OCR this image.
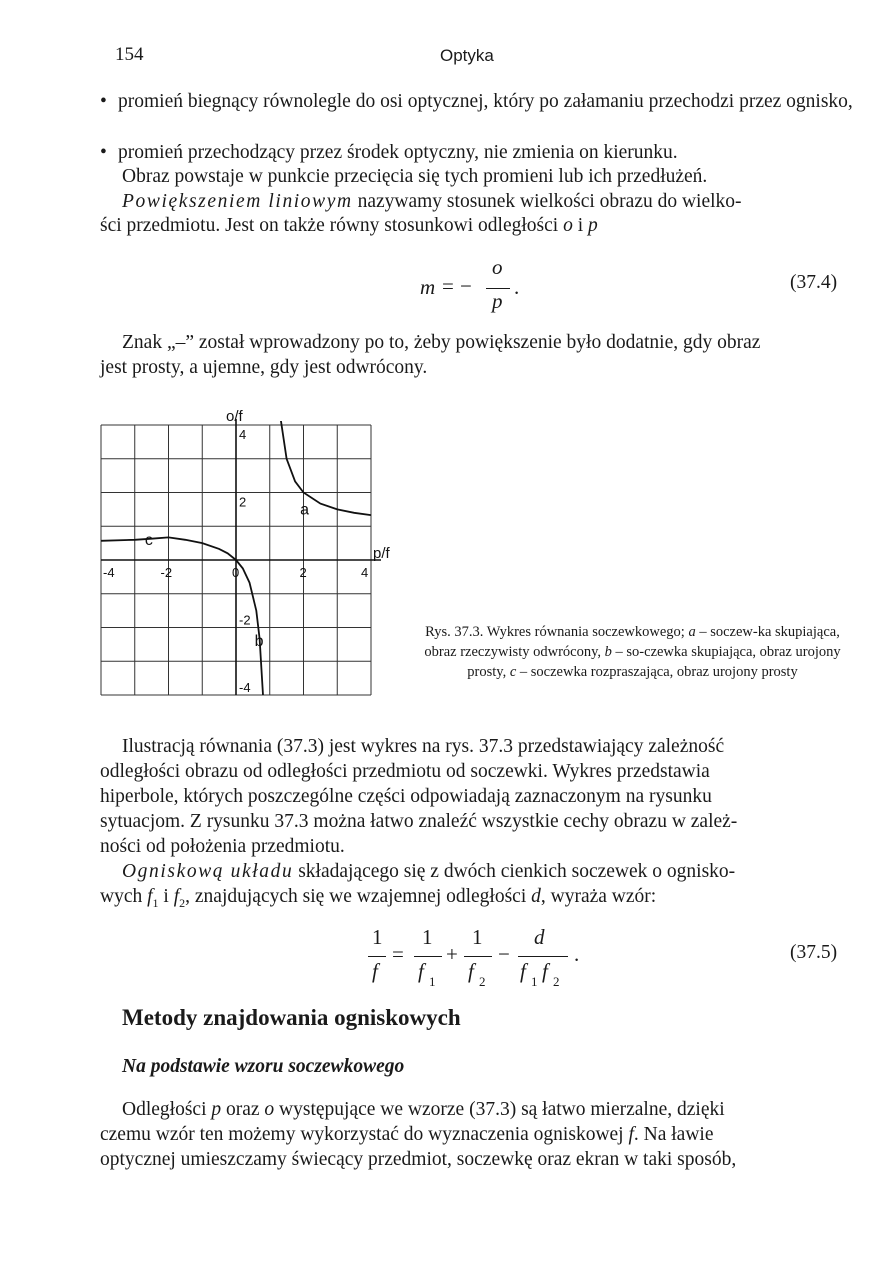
154	Optyka
• promień biegnący równolegle do osi optycznej, który po załamaniu przechodzi przez ognisko,
• promień przechodzący przez środek optyczny, nie zmienia on kierunku.
Obraz powstaje w punkcie przecięcia się tych promieni lub ich przedłużeń.
Powiększeniem liniowym nazywamy stosunek wielkości obrazu do wielko-
ści przedmiotu. Jest on także równy stosunkowi odległości o i p
m = −
o
p
.	(37.4)
Znak „–” został wprowadzony po to, żeby powiększenie było dodatnie, gdy obraz
jest prosty, a ujemne, gdy jest odwrócony.
o/f
p/f
-4	-2	0	2	4
4
2
-2
-4
a
b
c
Rys. 37.3. Wykres równania soczewkowego; a – soczew-ka skupiająca, obraz rzeczywisty odwrócony, b – so-czewka skupiająca, obraz urojony prosty, c – soczewka rozpraszająca, obraz urojony prosty
Ilustracją równania (37.3) jest wykres na rys. 37.3 przedstawiający zależność
odległości obrazu od odległości przedmiotu od soczewki. Wykres przedstawia
hiperbole, których poszczególne części odpowiadają zaznaczonym na rysunku
sytuacjom. Z rysunku 37.3 można łatwo znaleźć wszystkie cechy obrazu w zależ-
ności od położenia przedmiotu.
Ogniskową układu składającego się z dwóch cienkich soczewek o ognisko-
wych $f_1$ i $f_2$, znajdujących się we wzajemnej odległości d, wyraża wzór:
1
f
=
1
f 1
+
1
f 2
−
d
f 1 f 2
.	(37.5)
Metody znajdowania ogniskowych
Na podstawie wzoru soczewkowego
Odległości p oraz o występujące we wzorze (37.3) są łatwo mierzalne, dzięki
czemu wzór ten możemy wykorzystać do wyznaczenia ogniskowej f. Na ławie
optycznej umieszczamy świecący przedmiot, soczewkę oraz ekran w taki sposób,
